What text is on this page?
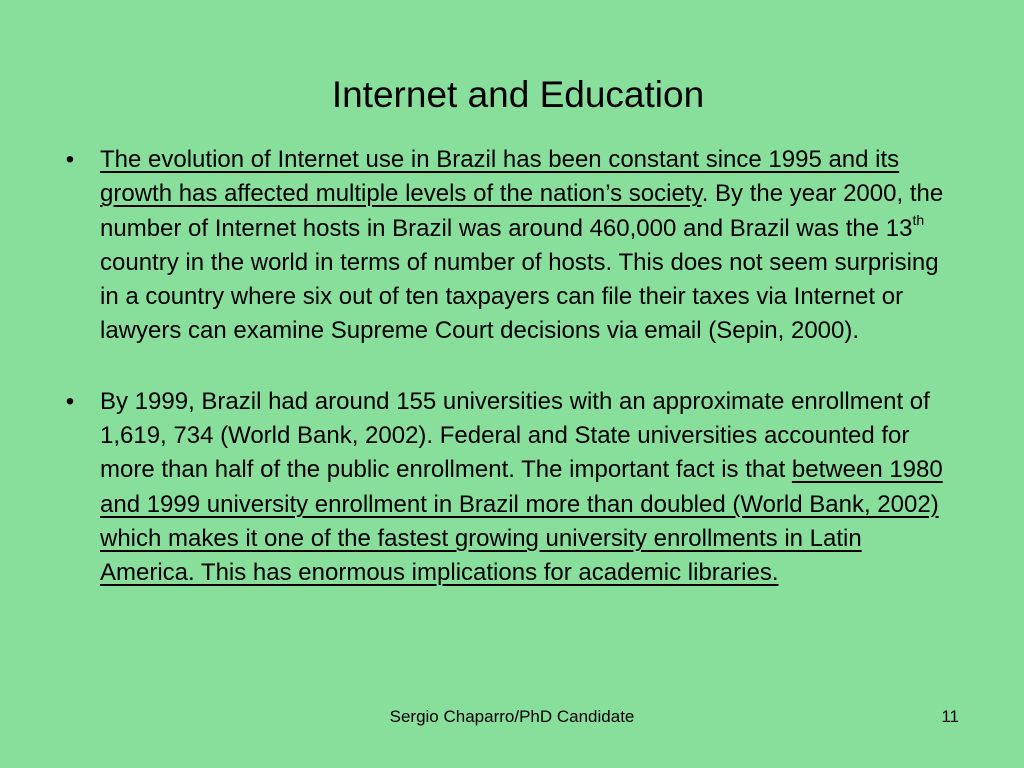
Internet and Education
• The evolution of Internet use in Brazil has been constant since 1995 and its growth has affected multiple levels of the nation’s society. By the year 2000, the number of Internet hosts in Brazil was around 460,000 and Brazil was the 13th country in the world in terms of number of hosts. This does not seem surprising in a country where six out of ten taxpayers can file their taxes via Internet or lawyers can examine Supreme Court decisions via email (Sepin, 2000).
• By 1999, Brazil had around 155 universities with an approximate enrollment of 1,619, 734 (World Bank, 2002). Federal and State universities accounted for more than half of the public enrollment. The important fact is that between 1980 and 1999 university enrollment in Brazil more than doubled (World Bank, 2002) which makes it one of the fastest growing university enrollments in Latin America. This has enormous implications for academic libraries.
Sergio Chaparro/PhD Candidate	11
